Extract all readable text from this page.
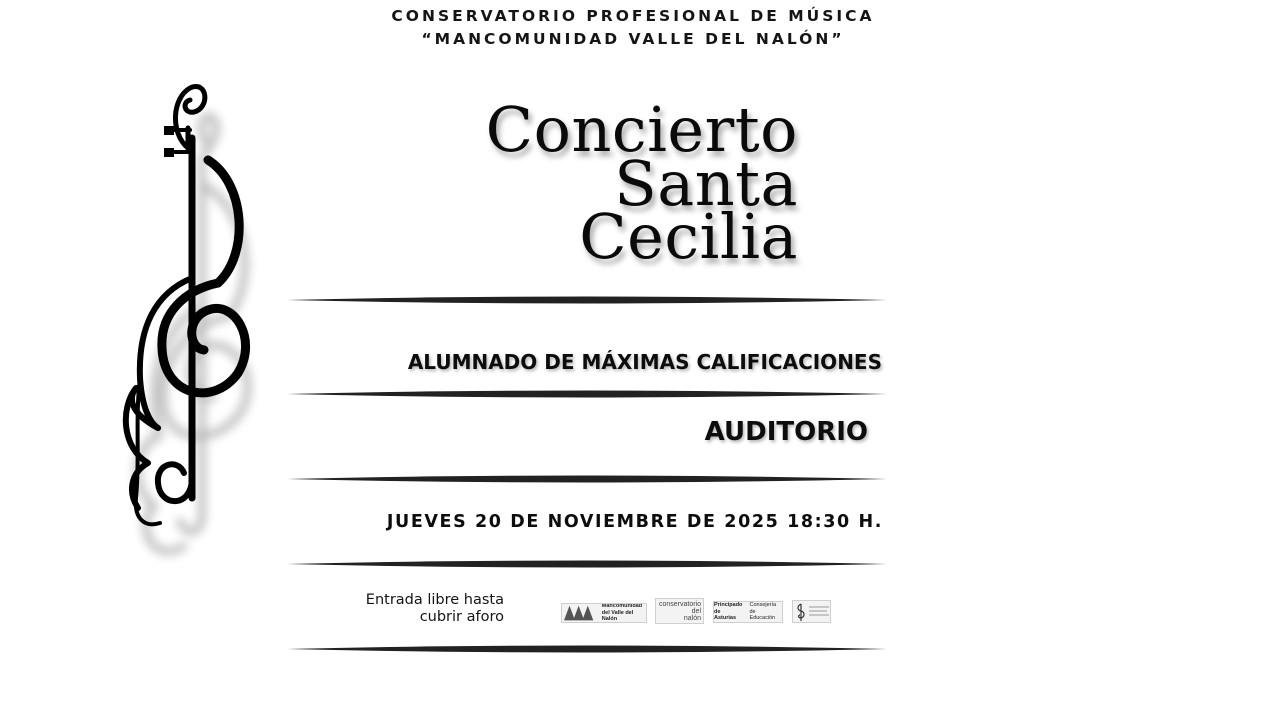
CONSERVATORIO PROFESIONAL DE MÚSICA
“MANCOMUNIDAD VALLE DEL NALÓN”
Concierto
Santa
Cecilia
ALUMNADO DE MÁXIMAS CALIFICACIONES
AUDITORIO
JUEVES 20 DE NOVIEMBRE DE 2025 18:30 H.
Entrada libre hasta
cubrir aforo
Mancomunidad
del Valle del Nalón
conservatorio
del
nalón
Principado de
Asturias
Consejería
de Educación
